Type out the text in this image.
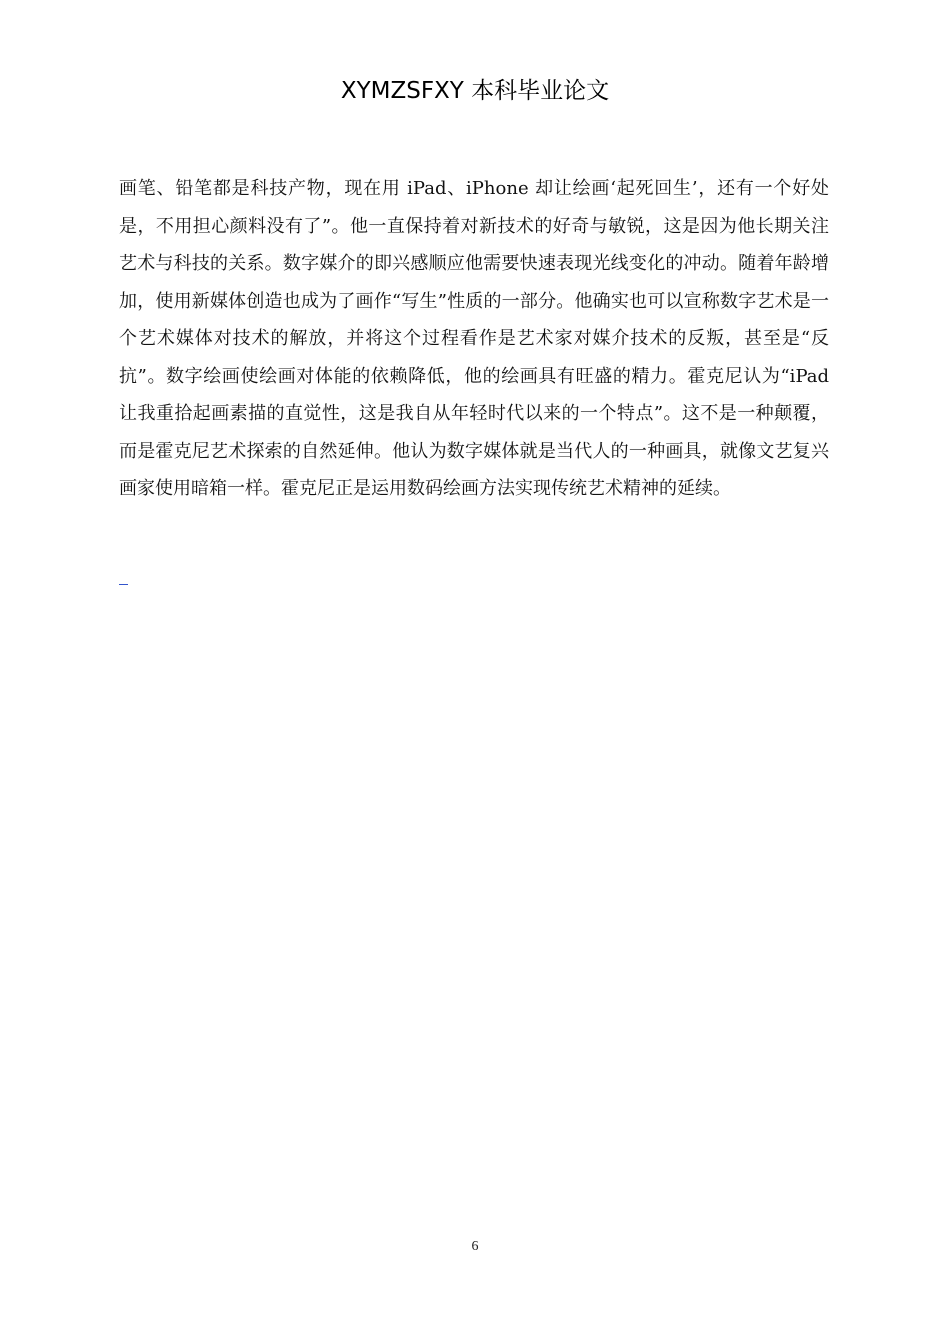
XYMZSFXY 本科毕业论文

画笔、铅笔都是科技产物，现在用 iPad、iPhone 却让绘画‘起死回生’，还有一个好处是，不用担心颜料没有了”。他一直保持着对新技术的好奇与敏锐，这是因为他长期关注艺术与科技的关系。数字媒介的即兴感顺应他需要快速表现光线变化的冲动。随着年龄增加，使用新媒体创造也成为了画作“写生”性质的一部分。他确实也可以宣称数字艺术是一个艺术媒体对技术的解放，并将这个过程看作是艺术家对媒介技术的反叛，甚至是“反抗”。数字绘画使绘画对体能的依赖降低，他的绘画具有旺盛的精力。霍克尼认为“iPad 让我重拾起画素描的直觉性，这是我自从年轻时代以来的一个特点”。这不是一种颠覆，而是霍克尼艺术探索的自然延伸。他认为数字媒体就是当代人的一种画具，就像文艺复兴画家使用暗箱一样。霍克尼正是运用数码绘画方法实现传统艺术精神的延续。

6
